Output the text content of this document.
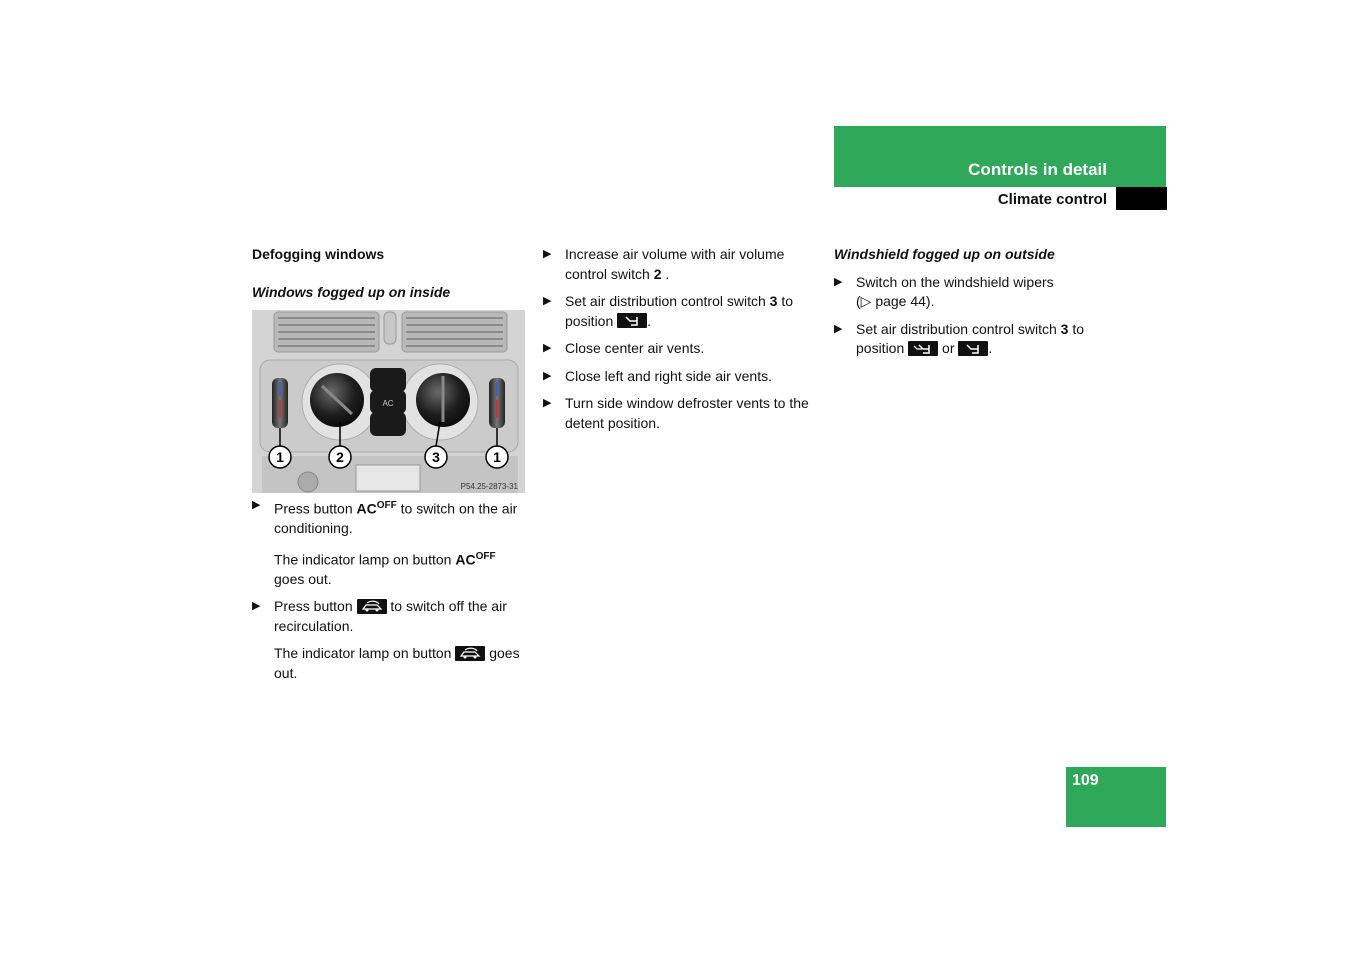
Controls in detail
Climate control
Defogging windows
Windows fogged up on inside
AC
1	2	3	1
P54.25-2873-31
▶ Press button $AC^{OFF}$ to switch on the air conditioning.
The indicator lamp on button $AC^{OFF}$ goes out.
▶ Press button
to switch off the air recirculation.
The indicator lamp on button
goes out.
▶ Increase air volume with air volume control switch 2 .
▶ Set air distribution control switch 3 to position
.
▶ Close center air vents.
▶ Close left and right side air vents.
▶ Turn side window defroster vents to the detent position.
Windshield fogged up on outside
▶ Switch on the windshield wipers
(▷ page 44).
▶ Set air distribution control switch 3 to position
or
.
109
